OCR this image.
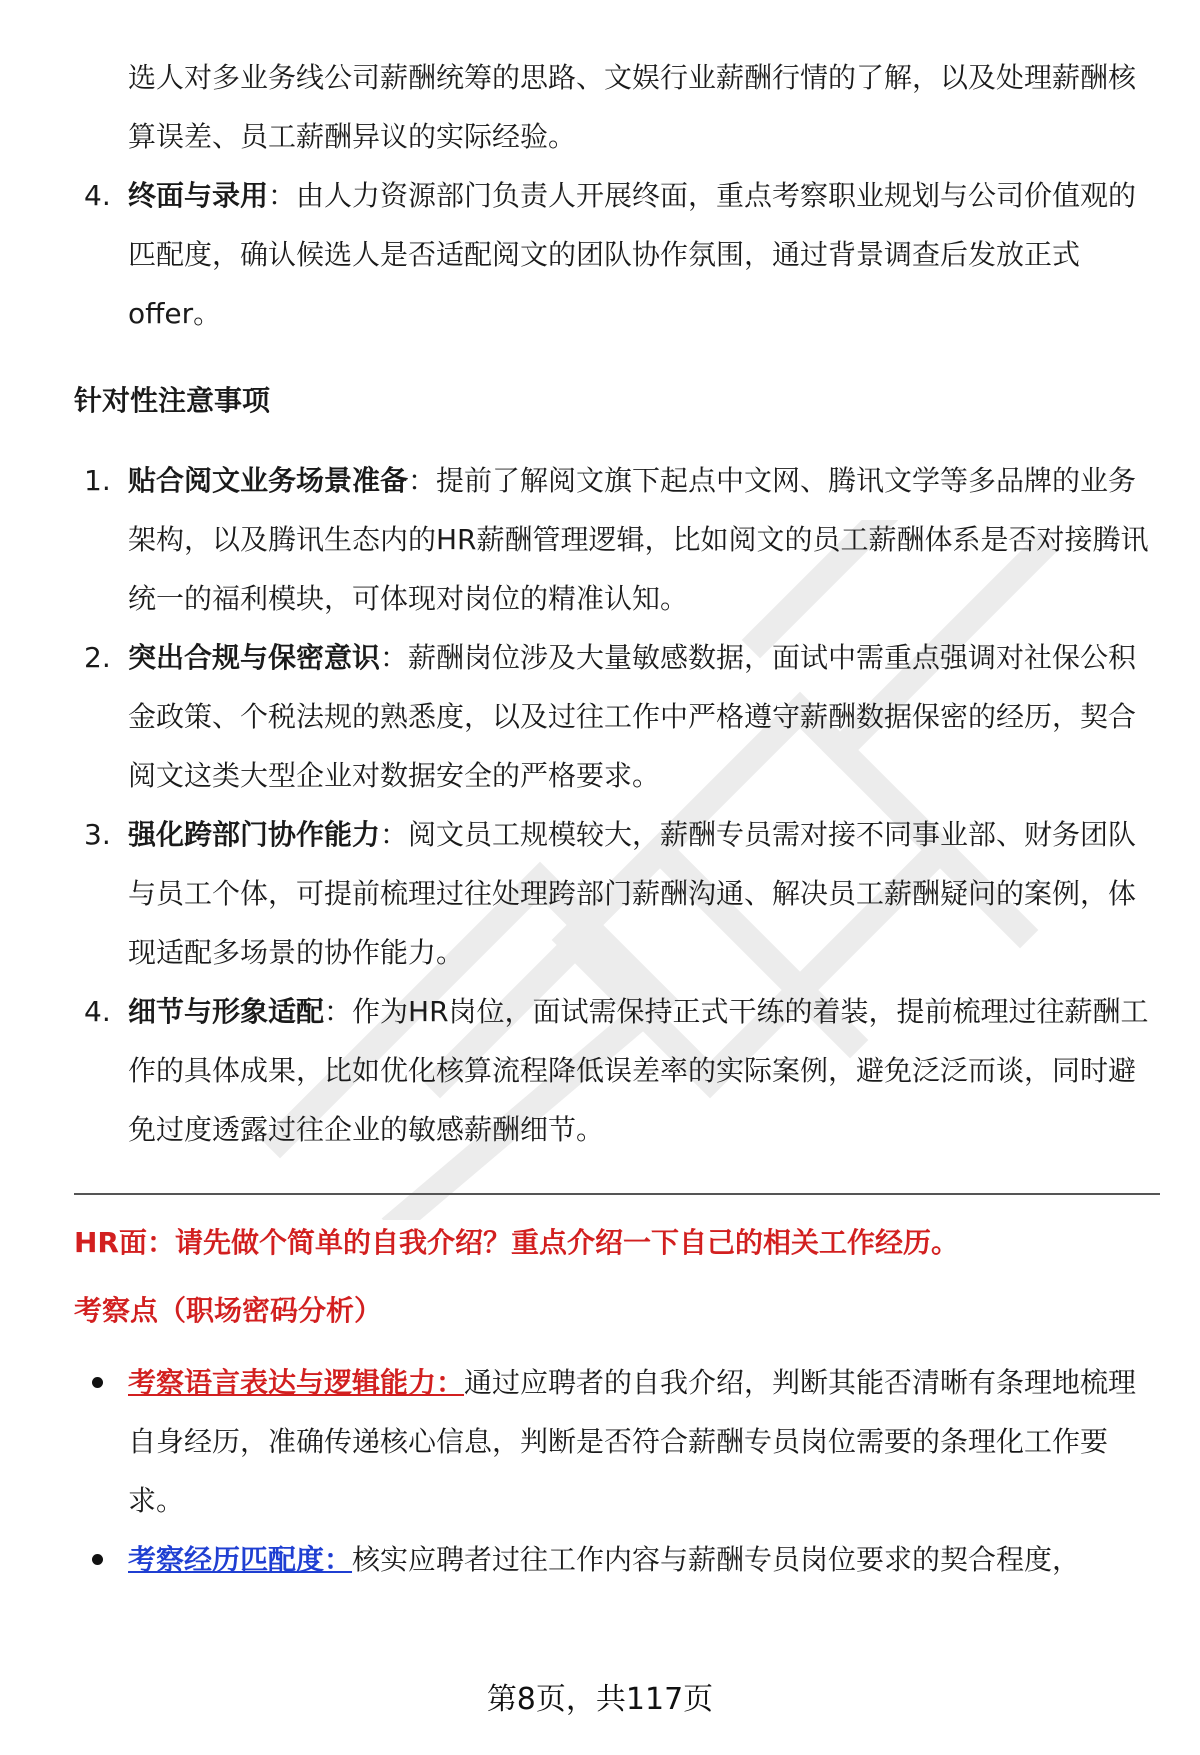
选人对多业务线公司薪酬统筹的思路、文娱行业薪酬行情的了解，以及处理薪酬核算误差、员工薪酬异议的实际经验。

4. 终面与录用：由人力资源部门负责人开展终面，重点考察职业规划与公司价值观的匹配度，确认候选人是否适配阅文的团队协作氛围，通过背景调查后发放正式offer。
针对性注意事项
1. 贴合阅文业务场景准备：提前了解阅文旗下起点中文网、腾讯文学等多品牌的业务架构，以及腾讯生态内的HR薪酬管理逻辑，比如阅文的员工薪酬体系是否对接腾讯统一的福利模块，可体现对岗位的精准认知。
2. 突出合规与保密意识：薪酬岗位涉及大量敏感数据，面试中需重点强调对社保公积金政策、个税法规的熟悉度，以及过往工作中严格遵守薪酬数据保密的经历，契合阅文这类大型企业对数据安全的严格要求。
3. 强化跨部门协作能力：阅文员工规模较大，薪酬专员需对接不同事业部、财务团队与员工个体，可提前梳理过往处理跨部门薪酬沟通、解决员工薪酬疑问的案例，体现适配多场景的协作能力。
4. 细节与形象适配：作为HR岗位，面试需保持正式干练的着装，提前梳理过往薪酬工作的具体成果，比如优化核算流程降低误差率的实际案例，避免泛泛而谈，同时避免过度透露过往企业的敏感薪酬细节。
HR面：请先做个简单的自我介绍？重点介绍一下自己的相关工作经历。
考察点（职场密码分析）
考察语言表达与逻辑能力：通过应聘者的自我介绍，判断其能否清晰有条理地梳理自身经历，准确传递核心信息，判断是否符合薪酬专员岗位需要的条理化工作要求。
考察经历匹配度：核实应聘者过往工作内容与薪酬专员岗位要求的契合程度，
第8页，共117页
